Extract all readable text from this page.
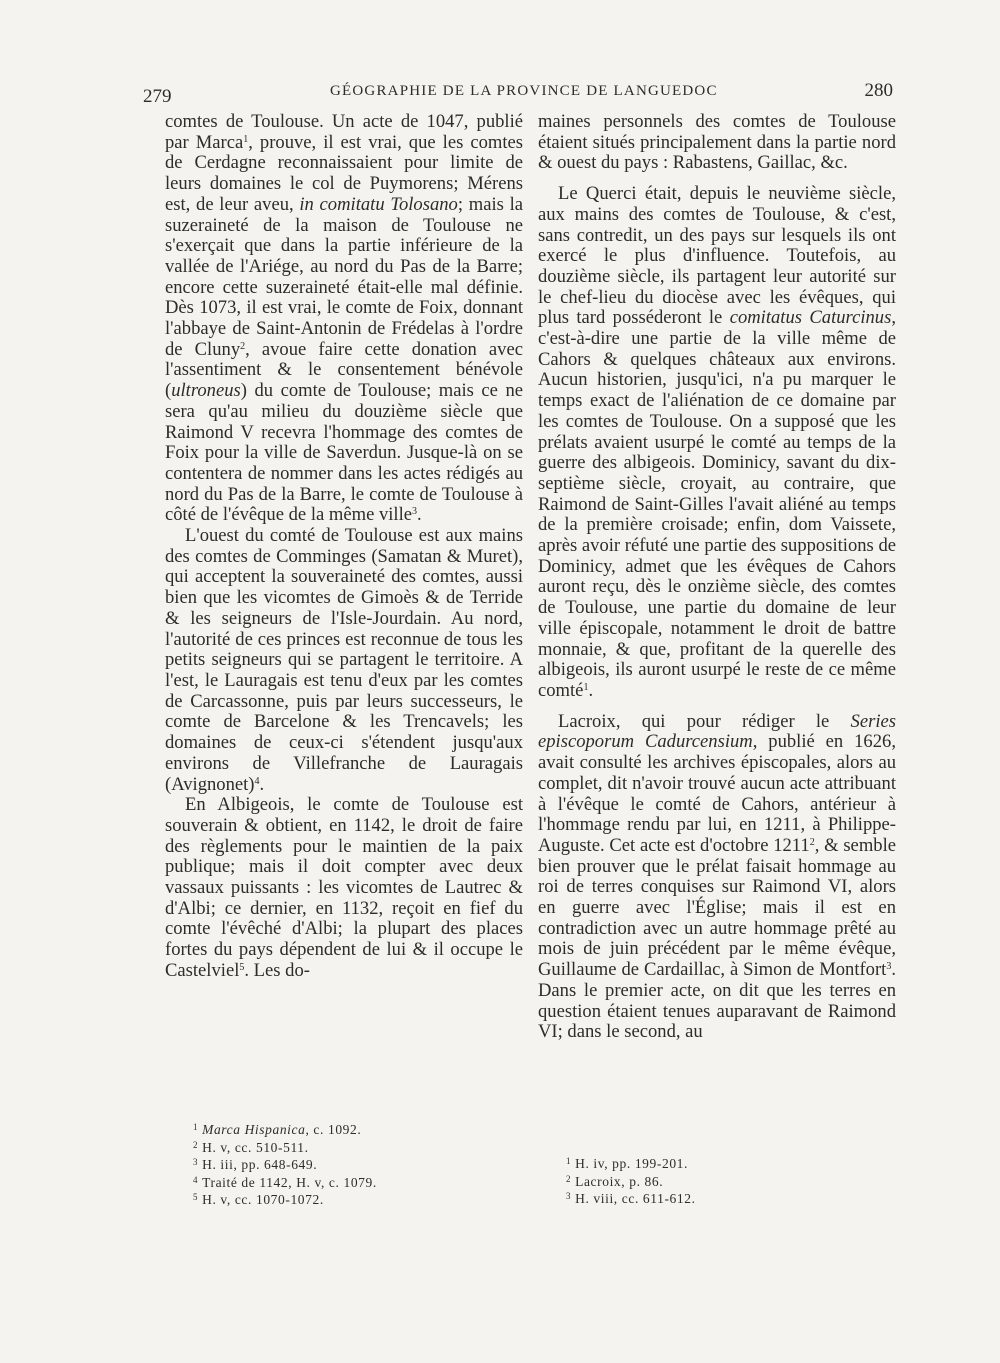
279	GÉOGRAPHIE DE LA PROVINCE DE LANGUEDOC	280

comtes de Toulouse. Un acte de 1047, publié par Marca$^1$, prouve, il est vrai, que les comtes de Cerdagne reconnaissaient pour limite de leurs domaines le col de Puymorens; Mérens est, de leur aveu, in comitatu Tolosano; mais la suzeraineté de la maison de Toulouse ne s'exerçait que dans la partie inférieure de la vallée de l'Ariége, au nord du Pas de la Barre; encore cette suzeraineté était-elle mal définie. Dès 1073, il est vrai, le comte de Foix, donnant l'abbaye de Saint-Antonin de Frédelas à l'ordre de Cluny$^2$, avoue faire cette donation avec l'assentiment & le consentement bénévole (ultroneus) du comte de Toulouse; mais ce ne sera qu'au milieu du douzième siècle que Raimond V recevra l'hommage des comtes de Foix pour la ville de Saverdun. Jusque-là on se contentera de nommer dans les actes rédigés au nord du Pas de la Barre, le comte de Toulouse à côté de l'évêque de la même ville$^3$.

L'ouest du comté de Toulouse est aux mains des comtes de Comminges (Samatan & Muret), qui acceptent la souveraineté des comtes, aussi bien que les vicomtes de Gimoès & de Terride & les seigneurs de l'Isle-Jourdain. Au nord, l'autorité de ces princes est reconnue de tous les petits seigneurs qui se partagent le territoire. A l'est, le Lauragais est tenu d'eux par les comtes de Carcassonne, puis par leurs successeurs, le comte de Barcelone & les Trencavels; les domaines de ceux-ci s'étendent jusqu'aux environs de Villefranche de Lauragais (Avignonet)$^4$.

En Albigeois, le comte de Toulouse est souverain & obtient, en 1142, le droit de faire des règlements pour le maintien de la paix publique; mais il doit compter avec deux vassaux puissants : les vicomtes de Lautrec & d'Albi; ce dernier, en 1132, reçoit en fief du comte l'évêché d'Albi; la plupart des places fortes du pays dépendent de lui & il occupe le Castelviel$^5$. Les do-

maines personnels des comtes de Toulouse étaient situés principalement dans la partie nord & ouest du pays : Rabastens, Gaillac, &c.

Le Querci était, depuis le neuvième siècle, aux mains des comtes de Toulouse, & c'est, sans contredit, un des pays sur lesquels ils ont exercé le plus d'influence. Toutefois, au douzième siècle, ils partagent leur autorité sur le chef-lieu du diocèse avec les évêques, qui plus tard posséderont le comitatus Caturcinus, c'est-à-dire une partie de la ville même de Cahors & quelques châteaux aux environs. Aucun historien, jusqu'ici, n'a pu marquer le temps exact de l'aliénation de ce domaine par les comtes de Toulouse. On a supposé que les prélats avaient usurpé le comté au temps de la guerre des albigeois. Dominicy, savant du dix-septième siècle, croyait, au contraire, que Raimond de Saint-Gilles l'avait aliéné au temps de la première croisade; enfin, dom Vaissete, après avoir réfuté une partie des suppositions de Dominicy, admet que les évêques de Cahors auront reçu, dès le onzième siècle, des comtes de Toulouse, une partie du domaine de leur ville épiscopale, notamment le droit de battre monnaie, & que, profitant de la querelle des albigeois, ils auront usurpé le reste de ce même comté$^1$.

Lacroix, qui pour rédiger le Series episcoporum Cadurcensium, publié en 1626, avait consulté les archives épiscopales, alors au complet, dit n'avoir trouvé aucun acte attribuant à l'évêque le comté de Cahors, antérieur à l'hommage rendu par lui, en 1211, à Philippe-Auguste. Cet acte est d'octobre 1211$^2$, & semble bien prouver que le prélat faisait hommage au roi de terres conquises sur Raimond VI, alors en guerre avec l'Église; mais il est en contradiction avec un autre hommage prêté au mois de juin précédent par le même évêque, Guillaume de Cardaillac, à Simon de Montfort$^3$. Dans le premier acte, on dit que les terres en question étaient tenues auparavant de Raimond VI; dans le second, au

$^1$ Marca Hispanica, c. 1092.
$^2$ H. v, cc. 510-511.
$^3$ H. iii, pp. 648-649.
$^4$ Traité de 1142, H. v, c. 1079.
$^5$ H. v, cc. 1070-1072.
$^1$ H. iv, pp. 199-201.
$^2$ Lacroix, p. 86.
$^3$ H. viii, cc. 611-612.
